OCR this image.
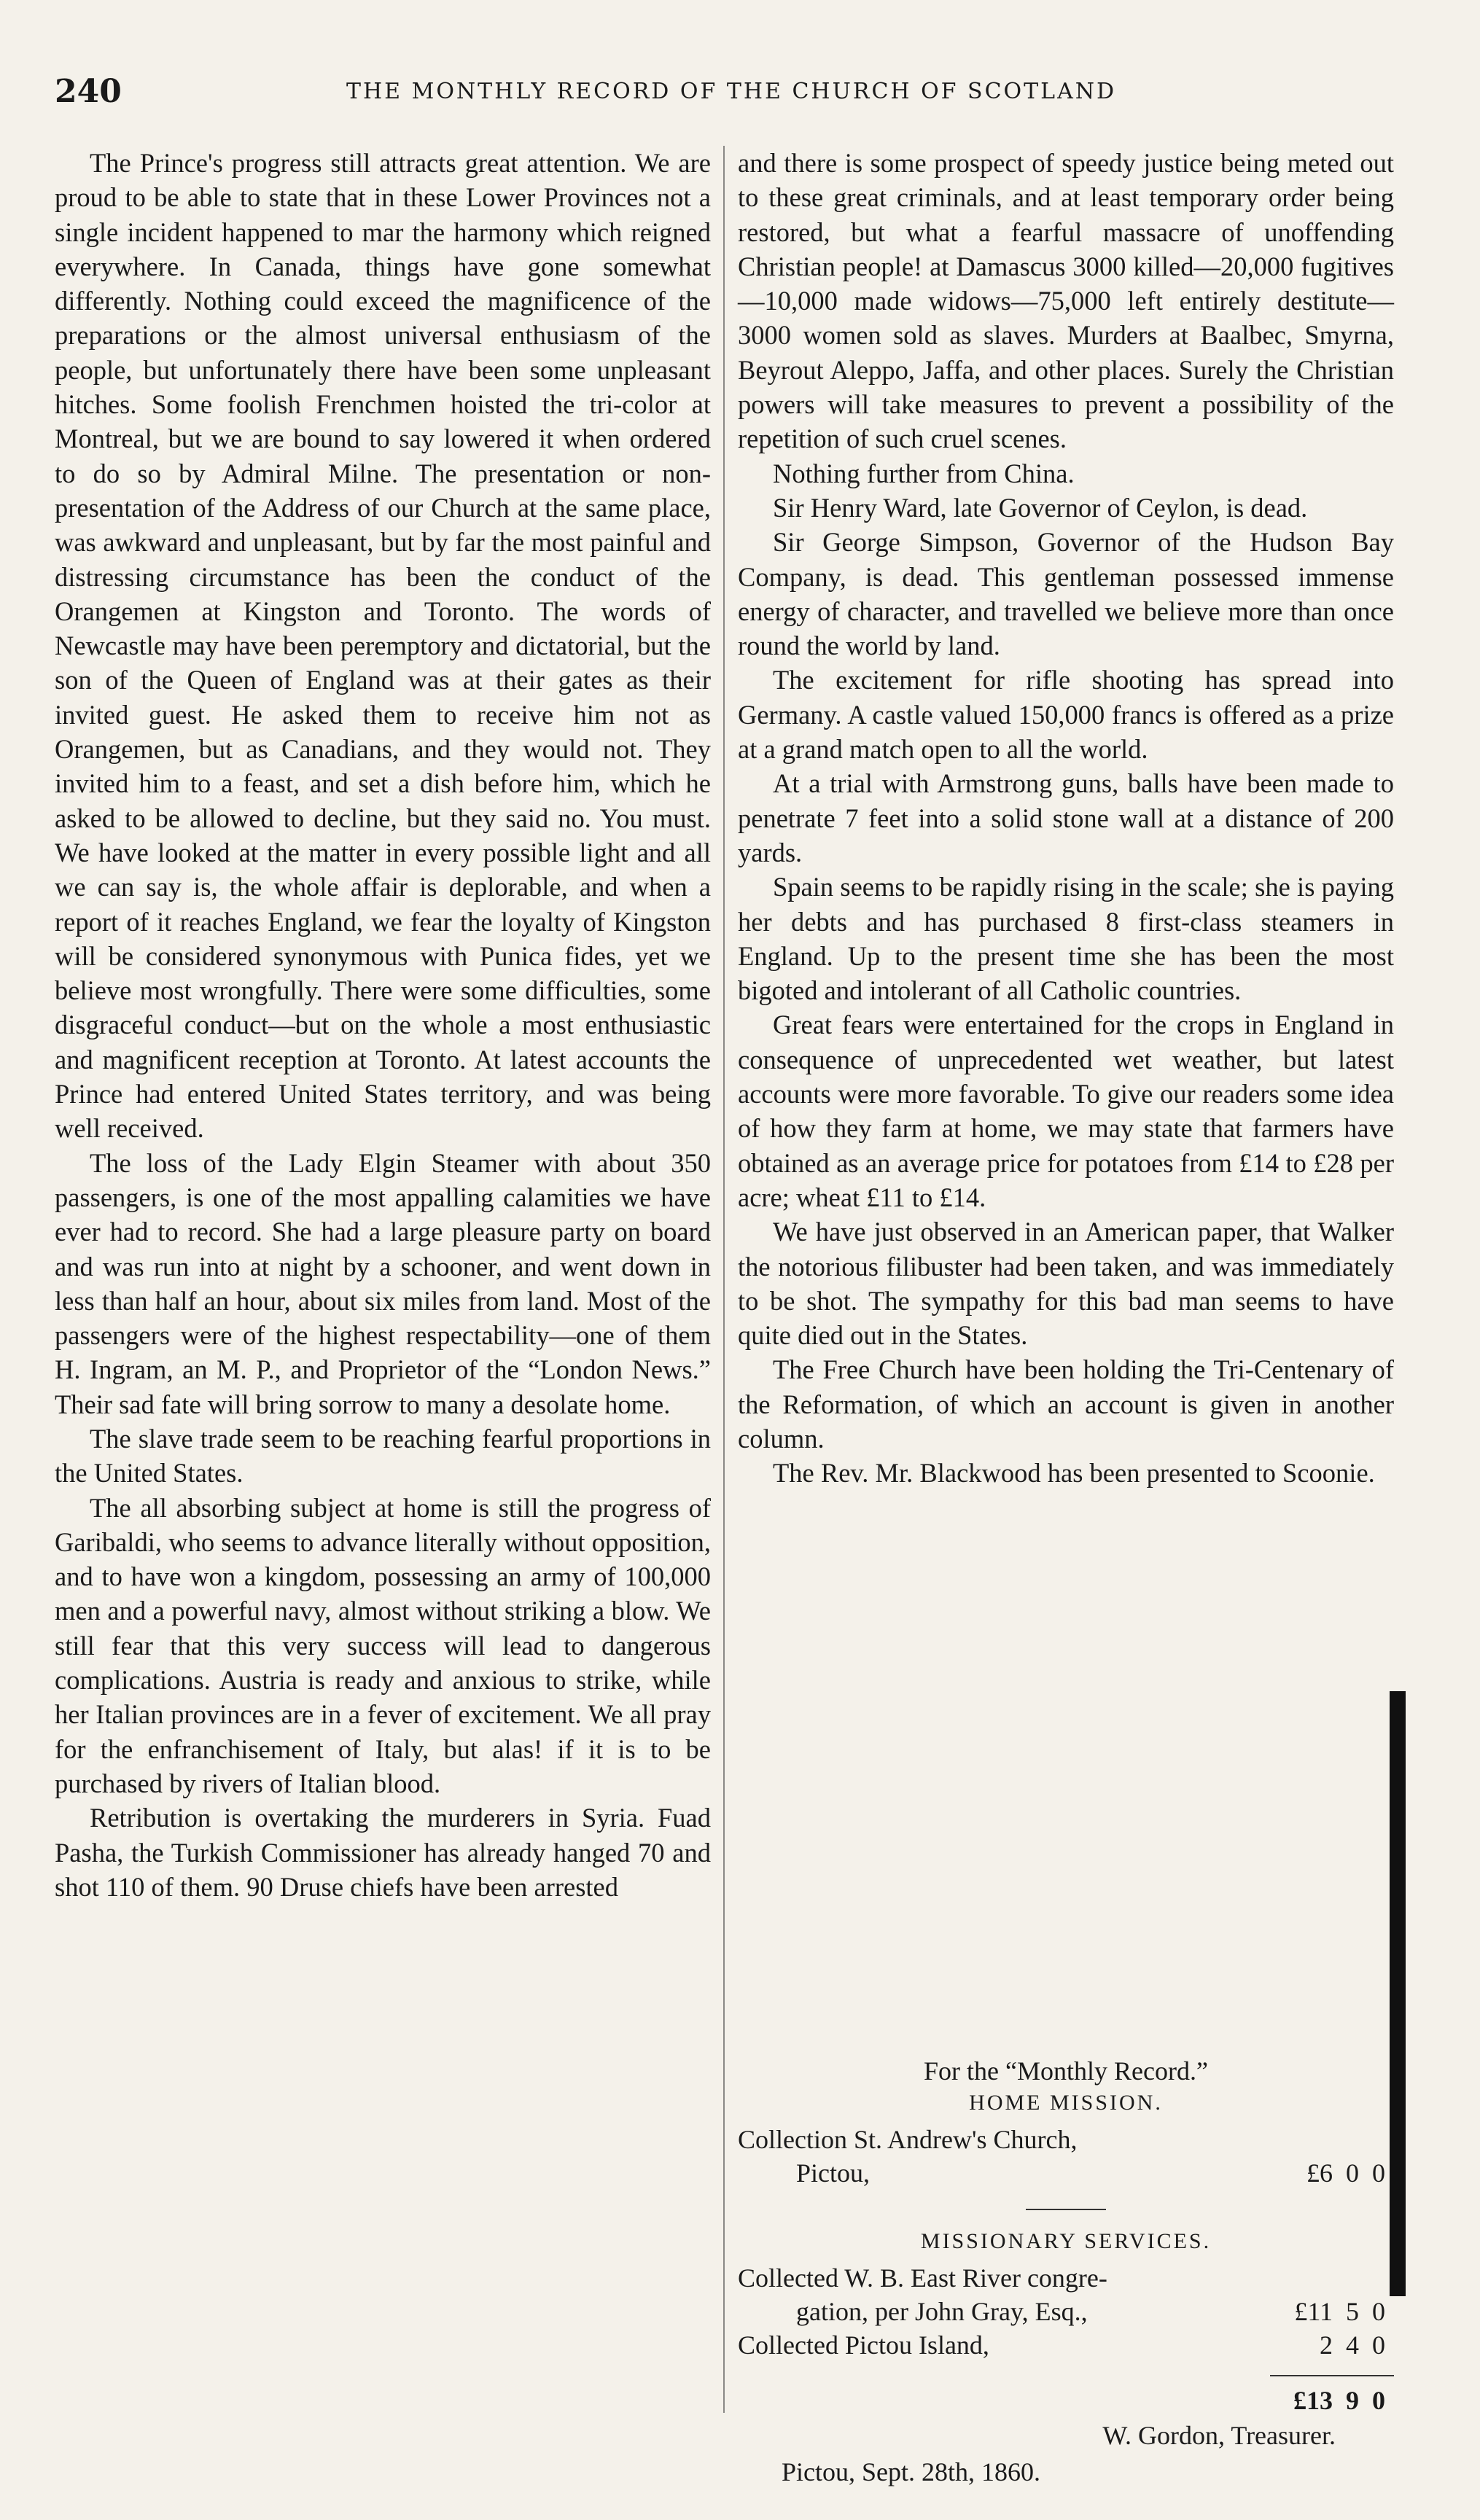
240	THE MONTHLY RECORD OF THE CHURCH OF SCOTLAND

The Prince's progress still attracts great attention. We are proud to be able to state that in these Lower Provinces not a single incident happened to mar the harmony which reigned everywhere. In Canada, things have gone somewhat differently. Nothing could exceed the magnificence of the preparations or the almost universal enthusiasm of the people, but unfortunately there have been some unpleasant hitches. Some foolish Frenchmen hoisted the tri-color at Montreal, but we are bound to say lowered it when ordered to do so by Admiral Milne. The presentation or non-presentation of the Address of our Church at the same place, was awkward and unpleasant, but by far the most painful and distressing circumstance has been the conduct of the Orangemen at Kingston and Toronto. The words of Newcastle may have been peremptory and dictatorial, but the son of the Queen of England was at their gates as their invited guest. He asked them to receive him not as Orangemen, but as Canadians, and they would not. They invited him to a feast, and set a dish before him, which he asked to be allowed to decline, but they said no. You must. We have looked at the matter in every possible light and all we can say is, the whole affair is deplorable, and when a report of it reaches England, we fear the loyalty of Kingston will be considered synonymous with Punica fides, yet we believe most wrongfully. There were some difficulties, some disgraceful conduct—but on the whole a most enthusiastic and magnificent reception at Toronto. At latest accounts the Prince had entered United States territory, and was being well received.

The loss of the Lady Elgin Steamer with about 350 passengers, is one of the most appalling calamities we have ever had to record. She had a large pleasure party on board and was run into at night by a schooner, and went down in less than half an hour, about six miles from land. Most of the passengers were of the highest respectability—one of them H. Ingram, an M. P., and Proprietor of the “London News.” Their sad fate will bring sorrow to many a desolate home.

The slave trade seem to be reaching fearful proportions in the United States.

The all absorbing subject at home is still the progress of Garibaldi, who seems to advance literally without opposition, and to have won a kingdom, possessing an army of 100,000 men and a powerful navy, almost without striking a blow. We still fear that this very success will lead to dangerous complications. Austria is ready and anxious to strike, while her Italian provinces are in a fever of excitement. We all pray for the enfranchisement of Italy, but alas! if it is to be purchased by rivers of Italian blood.

Retribution is overtaking the murderers in Syria. Fuad Pasha, the Turkish Commissioner has already hanged 70 and shot 110 of them. 90 Druse chiefs have been arrested

and there is some prospect of speedy justice being meted out to these great criminals, and at least temporary order being restored, but what a fearful massacre of unoffending Christian people! at Damascus 3000 killed—20,000 fugitives—10,000 made widows—75,000 left entirely destitute—3000 women sold as slaves. Murders at Baalbec, Smyrna, Beyrout Aleppo, Jaffa, and other places. Surely the Christian powers will take measures to prevent a possibility of the repetition of such cruel scenes.

Nothing further from China.

Sir Henry Ward, late Governor of Ceylon, is dead.

Sir George Simpson, Governor of the Hudson Bay Company, is dead. This gentleman possessed immense energy of character, and travelled we believe more than once round the world by land.

The excitement for rifle shooting has spread into Germany. A castle valued 150,000 francs is offered as a prize at a grand match open to all the world.

At a trial with Armstrong guns, balls have been made to penetrate 7 feet into a solid stone wall at a distance of 200 yards.

Spain seems to be rapidly rising in the scale; she is paying her debts and has purchased 8 first-class steamers in England. Up to the present time she has been the most bigoted and intolerant of all Catholic countries.

Great fears were entertained for the crops in England in consequence of unprecedented wet weather, but latest accounts were more favorable. To give our readers some idea of how they farm at home, we may state that farmers have obtained as an average price for potatoes from £14 to £28 per acre; wheat £11 to £14.

We have just observed in an American paper, that Walker the notorious filibuster had been taken, and was immediately to be shot. The sympathy for this bad man seems to have quite died out in the States.

The Free Church have been holding the Tri-Centenary of the Reformation, of which an account is given in another column.

The Rev. Mr. Blackwood has been presented to Scoonie.

For the “Monthly Record.”
HOME MISSION.
Collection St. Andrew's Church,
Pictou,	£6  0  0
MISSIONARY SERVICES.
Collected W. B. East River congre-
gation, per John Gray, Esq.,	£11  5  0
Collected Pictou Island,	2  4  0
£13  9  0
W. Gordon, Treasurer.
Pictou, Sept. 28th, 1860.
